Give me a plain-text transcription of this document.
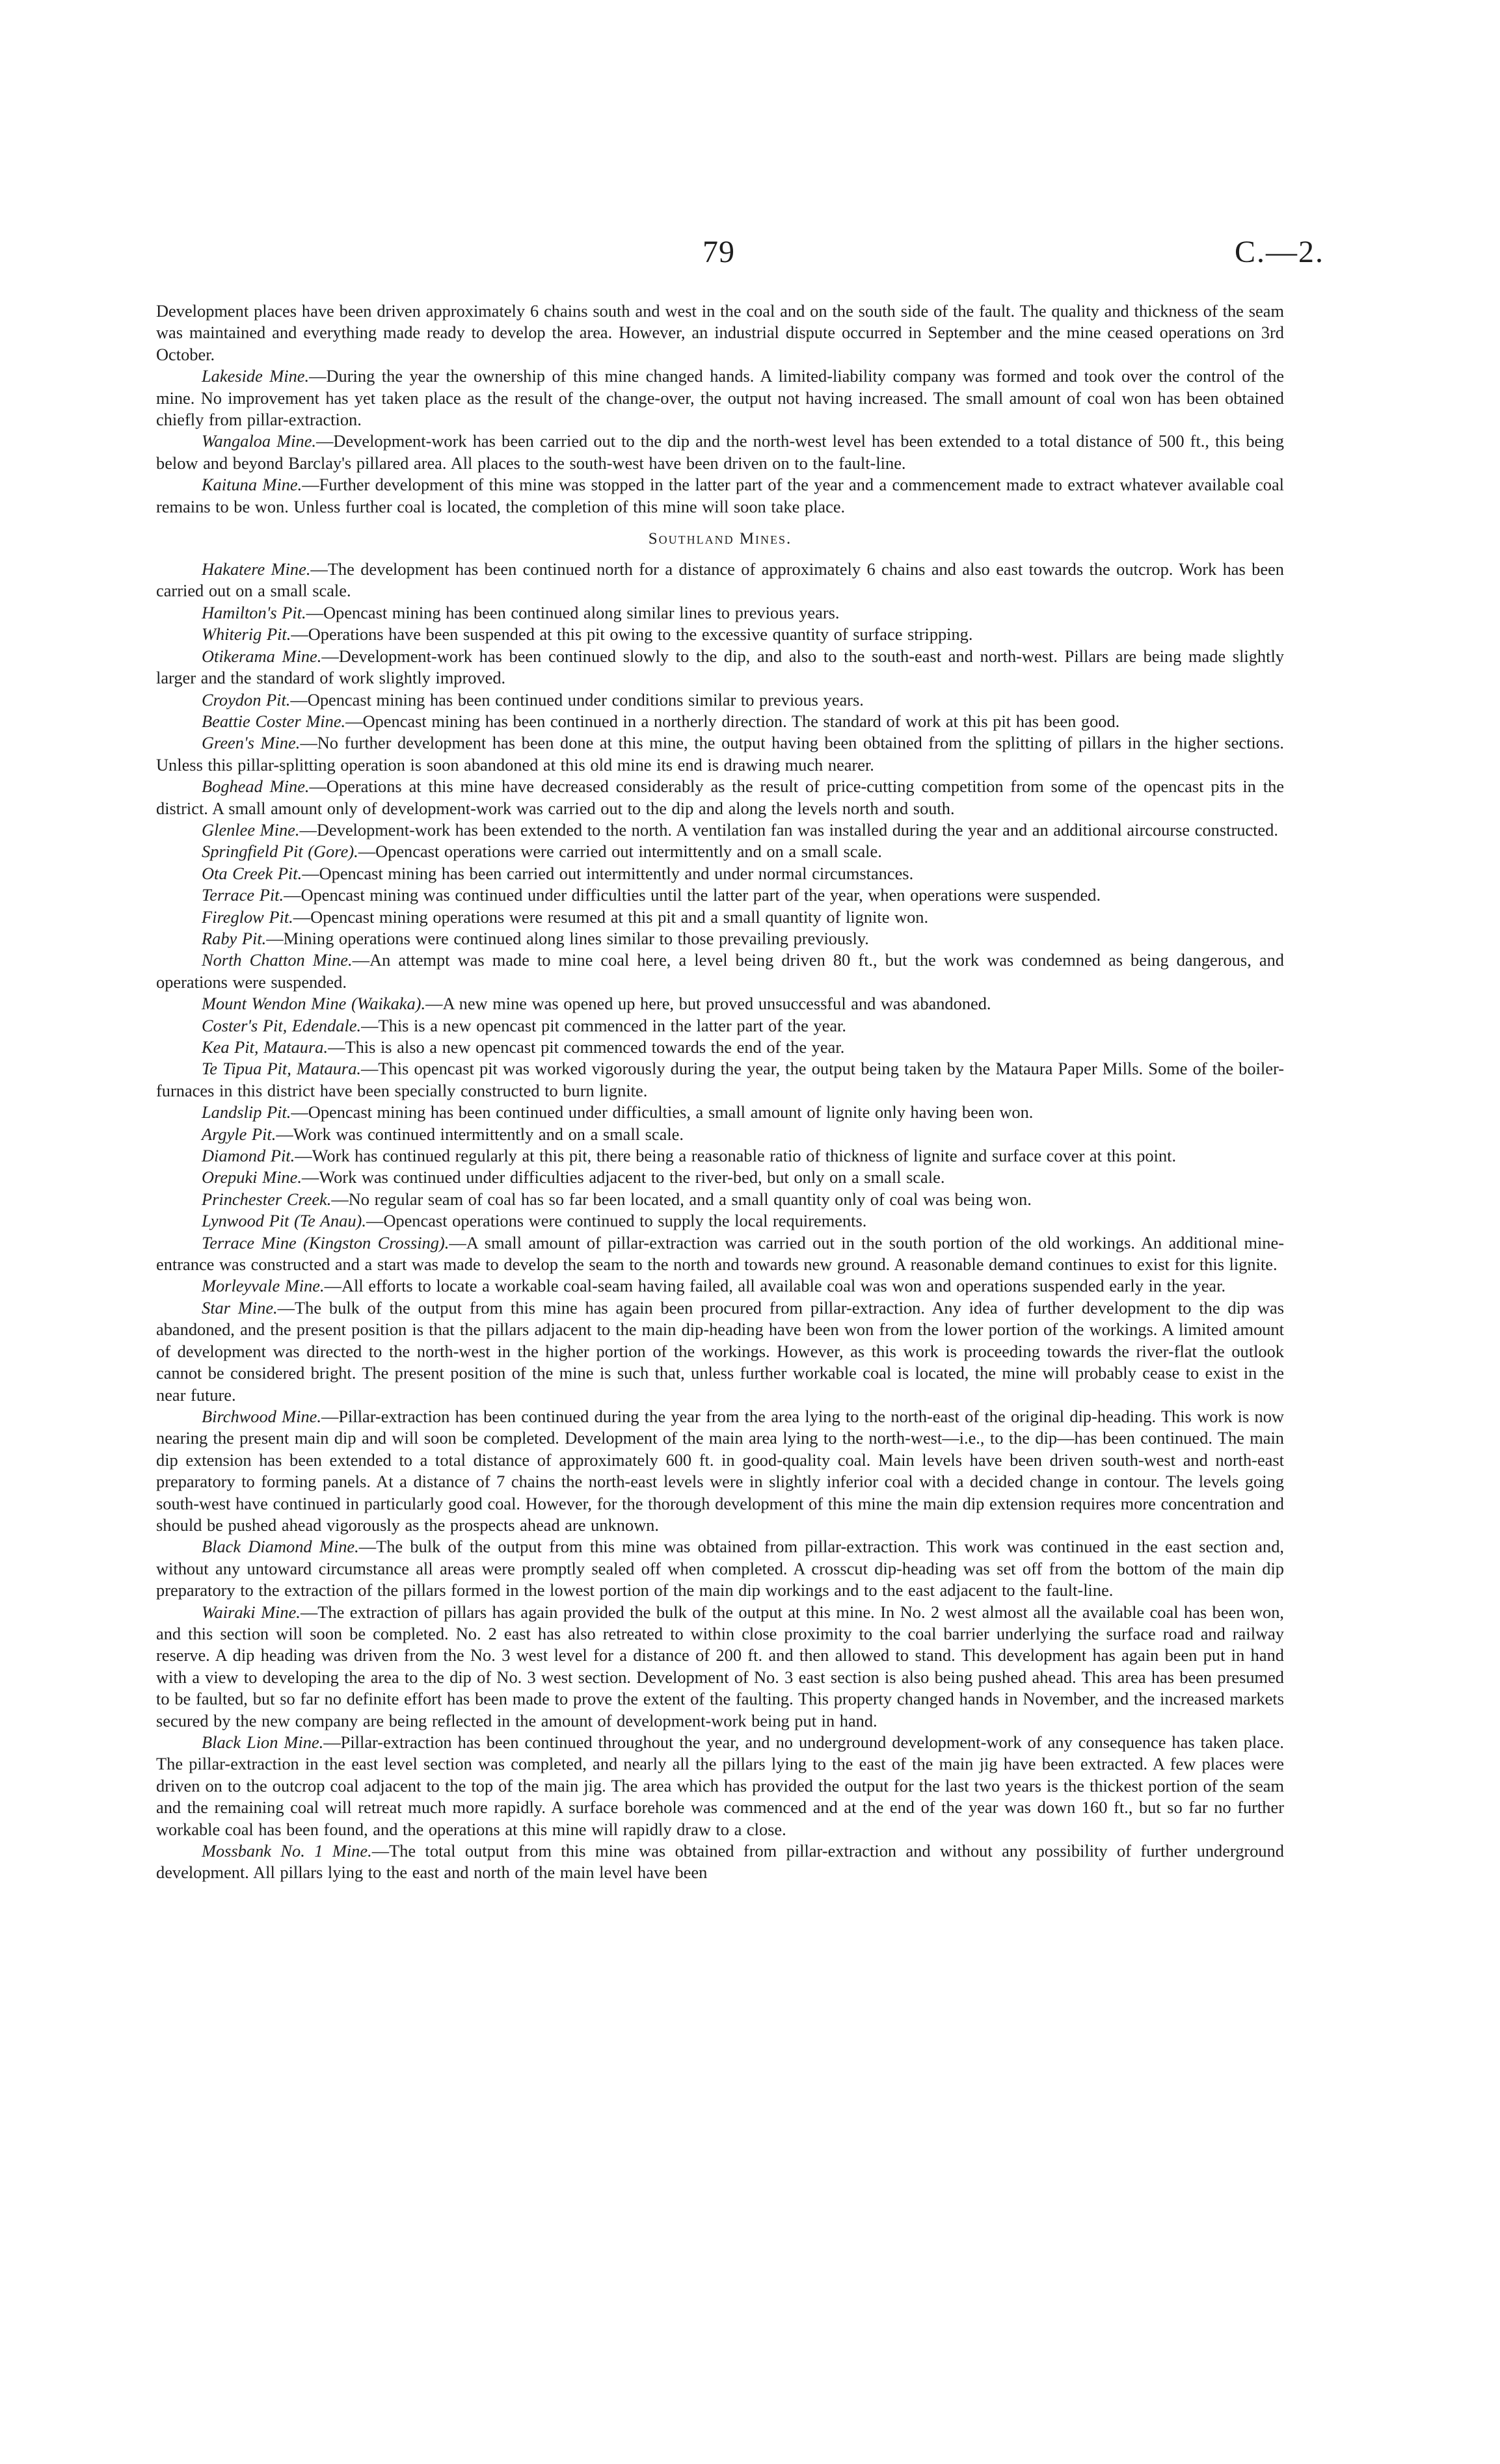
79	C.—2.

Development places have been driven approximately 6 chains south and west in the coal and on the south side of the fault. The quality and thickness of the seam was maintained and everything made ready to develop the area. However, an industrial dispute occurred in September and the mine ceased operations on 3rd October.

Lakeside Mine.—During the year the ownership of this mine changed hands. A limited-liability company was formed and took over the control of the mine. No improvement has yet taken place as the result of the change-over, the output not having increased. The small amount of coal won has been obtained chiefly from pillar-extraction.

Wangaloa Mine.—Development-work has been carried out to the dip and the north-west level has been extended to a total distance of 500 ft., this being below and beyond Barclay's pillared area. All places to the south-west have been driven on to the fault-line.

Kaituna Mine.—Further development of this mine was stopped in the latter part of the year and a commencement made to extract whatever available coal remains to be won. Unless further coal is located, the completion of this mine will soon take place.

Southland Mines.

Hakatere Mine.—The development has been continued north for a distance of approximately 6 chains and also east towards the outcrop. Work has been carried out on a small scale.

Hamilton's Pit.—Opencast mining has been continued along similar lines to previous years.

Whiterig Pit.—Operations have been suspended at this pit owing to the excessive quantity of surface stripping.

Otikerama Mine.—Development-work has been continued slowly to the dip, and also to the south-east and north-west. Pillars are being made slightly larger and the standard of work slightly improved.

Croydon Pit.—Opencast mining has been continued under conditions similar to previous years.

Beattie Coster Mine.—Opencast mining has been continued in a northerly direction. The standard of work at this pit has been good.

Green's Mine.—No further development has been done at this mine, the output having been obtained from the splitting of pillars in the higher sections. Unless this pillar-splitting operation is soon abandoned at this old mine its end is drawing much nearer.

Boghead Mine.—Operations at this mine have decreased considerably as the result of price-cutting competition from some of the opencast pits in the district. A small amount only of development-work was carried out to the dip and along the levels north and south.

Glenlee Mine.—Development-work has been extended to the north. A ventilation fan was installed during the year and an additional aircourse constructed.

Springfield Pit (Gore).—Opencast operations were carried out intermittently and on a small scale.

Ota Creek Pit.—Opencast mining has been carried out intermittently and under normal circumstances.

Terrace Pit.—Opencast mining was continued under difficulties until the latter part of the year, when operations were suspended.

Fireglow Pit.—Opencast mining operations were resumed at this pit and a small quantity of lignite won.

Raby Pit.—Mining operations were continued along lines similar to those prevailing previously.

North Chatton Mine.—An attempt was made to mine coal here, a level being driven 80 ft., but the work was condemned as being dangerous, and operations were suspended.

Mount Wendon Mine (Waikaka).—A new mine was opened up here, but proved unsuccessful and was abandoned.

Coster's Pit, Edendale.—This is a new opencast pit commenced in the latter part of the year.

Kea Pit, Mataura.—This is also a new opencast pit commenced towards the end of the year.

Te Tipua Pit, Mataura.—This opencast pit was worked vigorously during the year, the output being taken by the Mataura Paper Mills. Some of the boiler-furnaces in this district have been specially constructed to burn lignite.

Landslip Pit.—Opencast mining has been continued under difficulties, a small amount of lignite only having been won.

Argyle Pit.—Work was continued intermittently and on a small scale.

Diamond Pit.—Work has continued regularly at this pit, there being a reasonable ratio of thickness of lignite and surface cover at this point.

Orepuki Mine.—Work was continued under difficulties adjacent to the river-bed, but only on a small scale.

Princhester Creek.—No regular seam of coal has so far been located, and a small quantity only of coal was being won.

Lynwood Pit (Te Anau).—Opencast operations were continued to supply the local requirements.

Terrace Mine (Kingston Crossing).—A small amount of pillar-extraction was carried out in the south portion of the old workings. An additional mine-entrance was constructed and a start was made to develop the seam to the north and towards new ground. A reasonable demand continues to exist for this lignite.

Morleyvale Mine.—All efforts to locate a workable coal-seam having failed, all available coal was won and operations suspended early in the year.

Star Mine.—The bulk of the output from this mine has again been procured from pillar-extraction. Any idea of further development to the dip was abandoned, and the present position is that the pillars adjacent to the main dip-heading have been won from the lower portion of the workings. A limited amount of development was directed to the north-west in the higher portion of the workings. However, as this work is proceeding towards the river-flat the outlook cannot be considered bright. The present position of the mine is such that, unless further workable coal is located, the mine will probably cease to exist in the near future.

Birchwood Mine.—Pillar-extraction has been continued during the year from the area lying to the north-east of the original dip-heading. This work is now nearing the present main dip and will soon be completed. Development of the main area lying to the north-west—i.e., to the dip—has been continued. The main dip extension has been extended to a total distance of approximately 600 ft. in good-quality coal. Main levels have been driven south-west and north-east preparatory to forming panels. At a distance of 7 chains the north-east levels were in slightly inferior coal with a decided change in contour. The levels going south-west have continued in particularly good coal. However, for the thorough development of this mine the main dip extension requires more concentration and should be pushed ahead vigorously as the prospects ahead are unknown.

Black Diamond Mine.—The bulk of the output from this mine was obtained from pillar-extraction. This work was continued in the east section and, without any untoward circumstance all areas were promptly sealed off when completed. A crosscut dip-heading was set off from the bottom of the main dip preparatory to the extraction of the pillars formed in the lowest portion of the main dip workings and to the east adjacent to the fault-line.

Wairaki Mine.—The extraction of pillars has again provided the bulk of the output at this mine. In No. 2 west almost all the available coal has been won, and this section will soon be completed. No. 2 east has also retreated to within close proximity to the coal barrier underlying the surface road and railway reserve. A dip heading was driven from the No. 3 west level for a distance of 200 ft. and then allowed to stand. This development has again been put in hand with a view to developing the area to the dip of No. 3 west section. Development of No. 3 east section is also being pushed ahead. This area has been presumed to be faulted, but so far no definite effort has been made to prove the extent of the faulting. This property changed hands in November, and the increased markets secured by the new company are being reflected in the amount of development-work being put in hand.

Black Lion Mine.—Pillar-extraction has been continued throughout the year, and no underground development-work of any consequence has taken place. The pillar-extraction in the east level section was completed, and nearly all the pillars lying to the east of the main jig have been extracted. A few places were driven on to the outcrop coal adjacent to the top of the main jig. The area which has provided the output for the last two years is the thickest portion of the seam and the remaining coal will retreat much more rapidly. A surface borehole was commenced and at the end of the year was down 160 ft., but so far no further workable coal has been found, and the operations at this mine will rapidly draw to a close.

Mossbank No. 1 Mine.—The total output from this mine was obtained from pillar-extraction and without any possibility of further underground development. All pillars lying to the east and north of the main level have been
